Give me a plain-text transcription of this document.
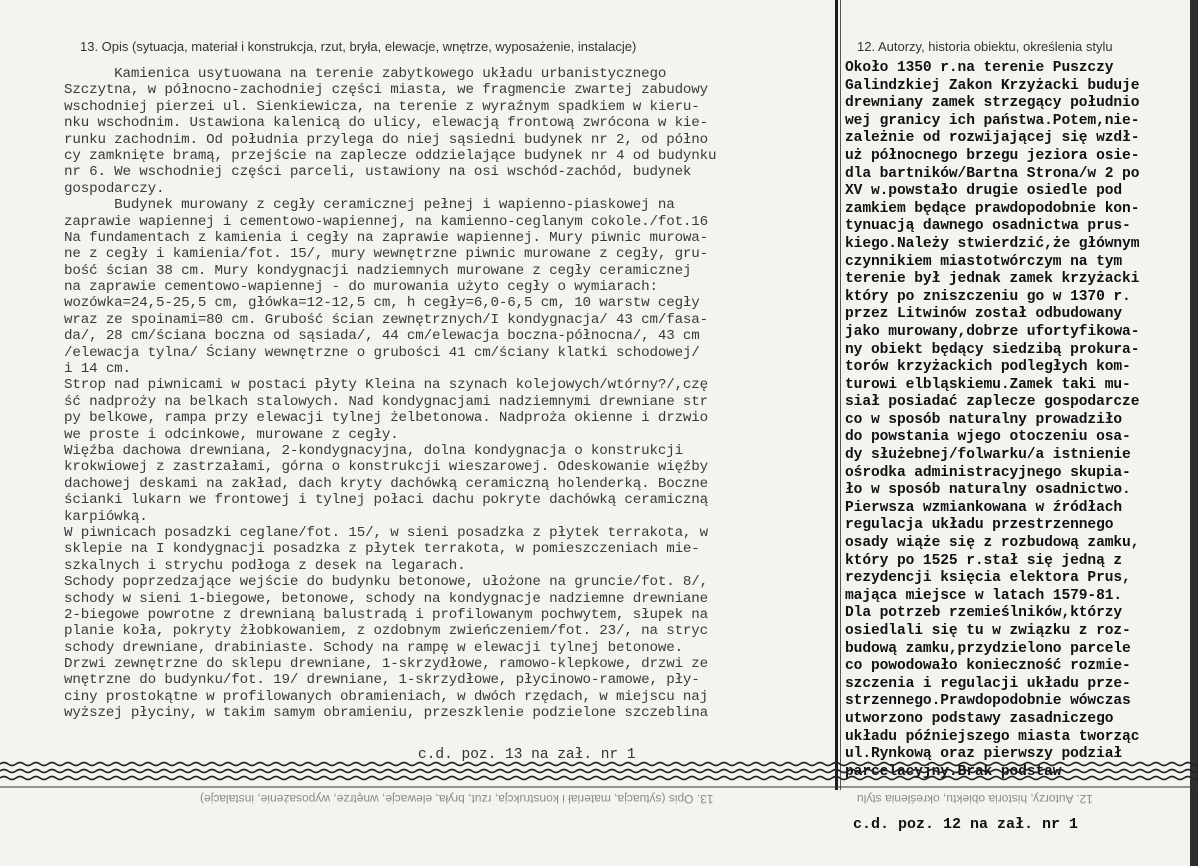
13. Opis (sytuacja, materiał i konstrukcja, rzut, bryła, elewacje, wnętrze, wyposażenie, instalacje)	12. Autorzy, historia obiektu, określenia stylu
Kamienica usytuowana na terenie zabytkowego układu urbanistycznego
Szczytna, w północno-zachodniej części miasta, we fragmencie zwartej zabudowy
wschodniej pierzei ul. Sienkiewicza, na terenie z wyraźnym spadkiem w kieru-
nku wschodnim. Ustawiona kalenicą do ulicy, elewacją frontową zwrócona w kie-
runku zachodnim. Od południa przylega do niej sąsiedni budynek nr 2, od półno
cy zamknięte bramą, przejście na zaplecze oddzielające budynek nr 4 od budynku
nr 6. We wschodniej części parceli, ustawiony na osi wschód-zachód, budynek
gospodarczy.
Budynek murowany z cegły ceramicznej pełnej i wapienno-piaskowej na
zaprawie wapiennej i cementowo-wapiennej, na kamienno-ceglanym cokole./fot.16
Na fundamentach z kamienia i cegły na zaprawie wapiennej. Mury piwnic murowa-
ne z cegły i kamienia/fot. 15/, mury wewnętrzne piwnic murowane z cegły, gru-
bość ścian 38 cm. Mury kondygnacji nadziemnych murowane z cegły ceramicznej
na zaprawie cementowo-wapiennej - do murowania użyto cegły o wymiarach:
wozówka=24,5-25,5 cm, główka=12-12,5 cm, h cegły=6,0-6,5 cm, 10 warstw cegły
wraz ze spoinami=80 cm. Grubość ścian zewnętrznych/I kondygnacja/ 43 cm/fasa-
da/, 28 cm/ściana boczna od sąsiada/, 44 cm/elewacja boczna-północna/, 43 cm
/elewacja tylna/ Ściany wewnętrzne o grubości 41 cm/ściany klatki schodowej/
i 14 cm.
Strop nad piwnicami w postaci płyty Kleina na szynach kolejowych/wtórny?/,czę
ść nadproży na belkach stalowych. Nad kondygnacjami nadziemnymi drewniane str
py belkowe, rampa przy elewacji tylnej żelbetonowa. Nadproża okienne i drzwio
we proste i odcinkowe, murowane z cegły.
Więźba dachowa drewniana, 2-kondygnacyjna, dolna kondygnacja o konstrukcji
krokwiowej z zastrzałami, górna o konstrukcji wieszarowej. Odeskowanie więźby
dachowej deskami na zakład, dach kryty dachówką ceramiczną holenderką. Boczne
ścianki lukarn we frontowej i tylnej połaci dachu pokryte dachówką ceramiczną
karpiówką.
W piwnicach posadzki ceglane/fot. 15/, w sieni posadzka z płytek terrakota, w
sklepie na I kondygnacji posadzka z płytek terrakota, w pomieszczeniach mie-
szkalnych i strychu podłoga z desek na legarach.
Schody poprzedzające wejście do budynku betonowe, ułożone na gruncie/fot. 8/,
schody w sieni 1-biegowe, betonowe, schody na kondygnacje nadziemne drewniane
2-biegowe powrotne z drewnianą balustradą i profilowanym pochwytem, słupek na
planie koła, pokryty żłobkowaniem, z ozdobnym zwieńczeniem/fot. 23/, na stryc
schody drewniane, drabiniaste. Schody na rampę w elewacji tylnej betonowe.
Drzwi zewnętrzne do sklepu drewniane, 1-skrzydłowe, ramowo-klepkowe, drzwi ze
wnętrzne do budynku/fot. 19/ drewniane, 1-skrzydłowe, płycinowo-ramowe, pły-
ciny prostokątne w profilowanych obramieniach, w dwóch rzędach, w miejscu naj
wyższej płyciny, w takim samym obramieniu, przeszklenie podzielone szczeblina
Około 1350 r.na terenie Puszczy
Galindzkiej Zakon Krzyżacki buduje
drewniany zamek strzegący południo
wej granicy ich państwa.Potem,nie-
zależnie od rozwijającej się wzdł-
uż północnego brzegu jeziora osie-
dla bartników/Bartna Strona/w 2 po
XV w.powstało drugie osiedle pod
zamkiem będące prawdopodobnie kon-
tynuacją dawnego osadnictwa prus-
kiego.Należy stwierdzić,że głównym
czynnikiem miastotwórczym na tym
terenie był jednak zamek krzyżacki
który po zniszczeniu go w 1370 r.
przez Litwinów został odbudowany
jako murowany,dobrze ufortyfikowa-
ny obiekt będący siedzibą prokura-
torów krzyżackich podległych kom-
turowi elbląskiemu.Zamek taki mu-
siał posiadać zaplecze gospodarcze
co w sposób naturalny prowadziło
do powstania wjego otoczeniu osa-
dy służebnej/folwarku/a istnienie
ośrodka administracyjnego skupia-
ło w sposób naturalny osadnictwo.
Pierwsza wzmiankowana w źródłach
regulacja układu przestrzennego
osady wiąże się z rozbudową zamku,
który po 1525 r.stał się jedną z
rezydencji księcia elektora Prus,
mająca miejsce w latach 1579-81.
Dla potrzeb rzemieślników,którzy
osiedlali się tu w związku z roz-
budową zamku,przydzielono parcele
co powodowało konieczność rozmie-
szczenia i regulacji układu prze-
strzennego.Prawdopodobnie wówczas
utworzono podstawy zasadniczego
układu późniejszego miasta tworząc
ul.Rynkową oraz pierwszy podział
parcelacyjny.Brak podstaw
c.d. poz. 13 na zał. nr 1
13. Opis (sytuacja, materiał i konstrukcja, rzut, bryła, elewacje, wnętrze, wyposażenie, instalacje)	12. Autorzy, historia obiektu, określenia stylu
c.d. poz. 12 na zał. nr 1
